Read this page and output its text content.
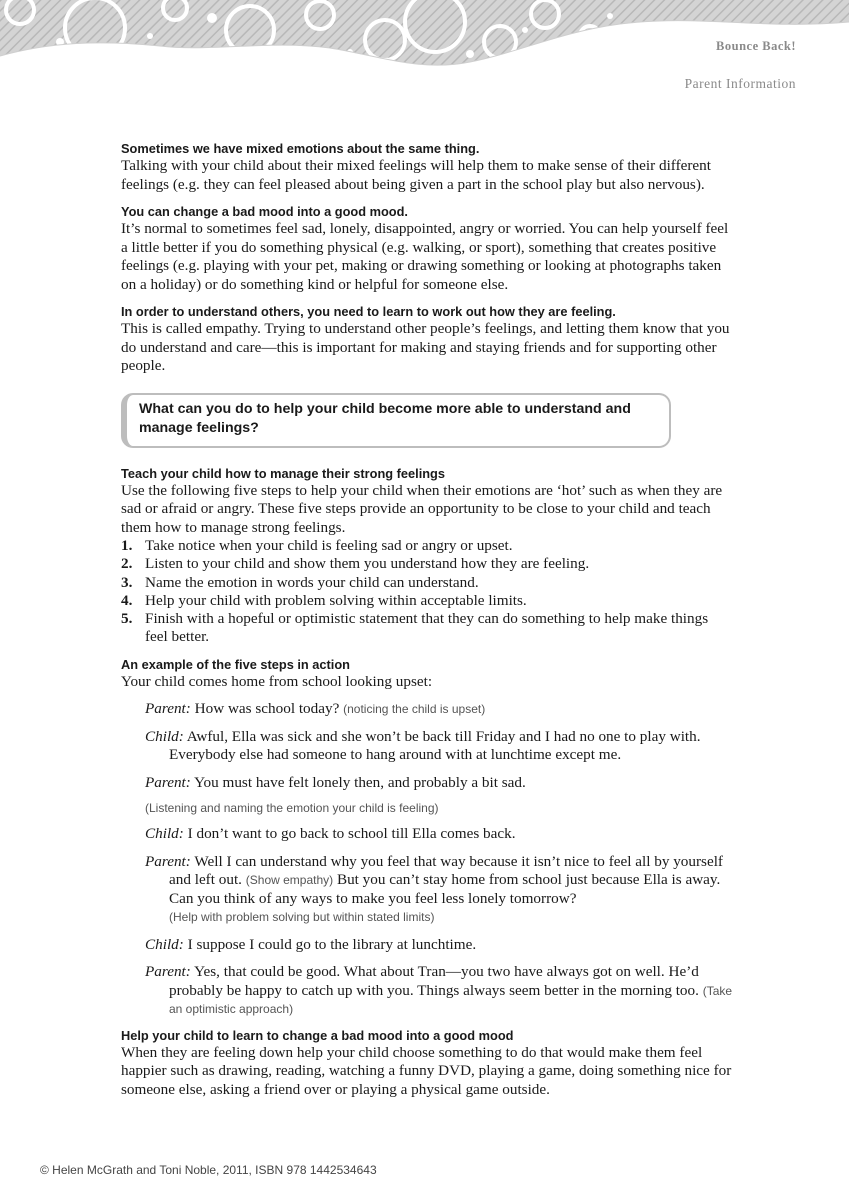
Bounce Back!
Parent Information

Sometimes we have mixed emotions about the same thing.

Talking with your child about their mixed feelings will help them to make sense of their different feelings (e.g. they can feel pleased about being given a part in the school play but also nervous).

You can change a bad mood into a good mood.

It’s normal to sometimes feel sad, lonely, disappointed, angry or worried. You can help yourself feel a little better if you do something physical (e.g. walking, or sport), something that creates positive feelings (e.g. playing with your pet, making or drawing something or looking at photographs taken on a holiday) or do something kind or helpful for someone else.

In order to understand others, you need to learn to work out how they are feeling.

This is called empathy. Trying to understand other people’s feelings, and letting them know that you do understand and care—this is important for making and staying friends and for supporting other people.

What can you do to help your child become more able to understand and manage feelings?

Teach your child how to manage their strong feelings

Use the following five steps to help your child when their emotions are ‘hot’ such as when they are sad or afraid or angry. These five steps provide an opportunity to be close to your child and teach them how to manage strong feelings.

1. Take notice when your child is feeling sad or angry or upset.
2. Listen to your child and show them you understand how they are feeling.
3. Name the emotion in words your child can understand.
4. Help your child with problem solving within acceptable limits.
5. Finish with a hopeful or optimistic statement that they can do something to help make things feel better.

An example of the five steps in action

Your child comes home from school looking upset:

Parent: How was school today? (noticing the child is upset)

Child: Awful, Ella was sick and she won’t be back till Friday and I had no one to play with. Everybody else had someone to hang around with at lunchtime except me.

Parent: You must have felt lonely then, and probably a bit sad.

(Listening and naming the emotion your child is feeling)

Child: I don’t want to go back to school till Ella comes back.

Parent: Well I can understand why you feel that way because it isn’t nice to feel all by yourself and left out. (Show empathy) But you can’t stay home from school just because Ella is away. Can you think of any ways to make you feel less lonely tomorrow?
(Help with problem solving but within stated limits)

Child: I suppose I could go to the library at lunchtime.

Parent: Yes, that could be good. What about Tran—you two have always got on well. He’d probably be happy to catch up with you. Things always seem better in the morning too. (Take an optimistic approach)

Help your child to learn to change a bad mood into a good mood

When they are feeling down help your child choose something to do that would make them feel happier such as drawing, reading, watching a funny DVD, playing a game, doing something nice for someone else, asking a friend over or playing a physical game outside.

© Helen McGrath and Toni Noble, 2011, ISBN 978 1442534643
